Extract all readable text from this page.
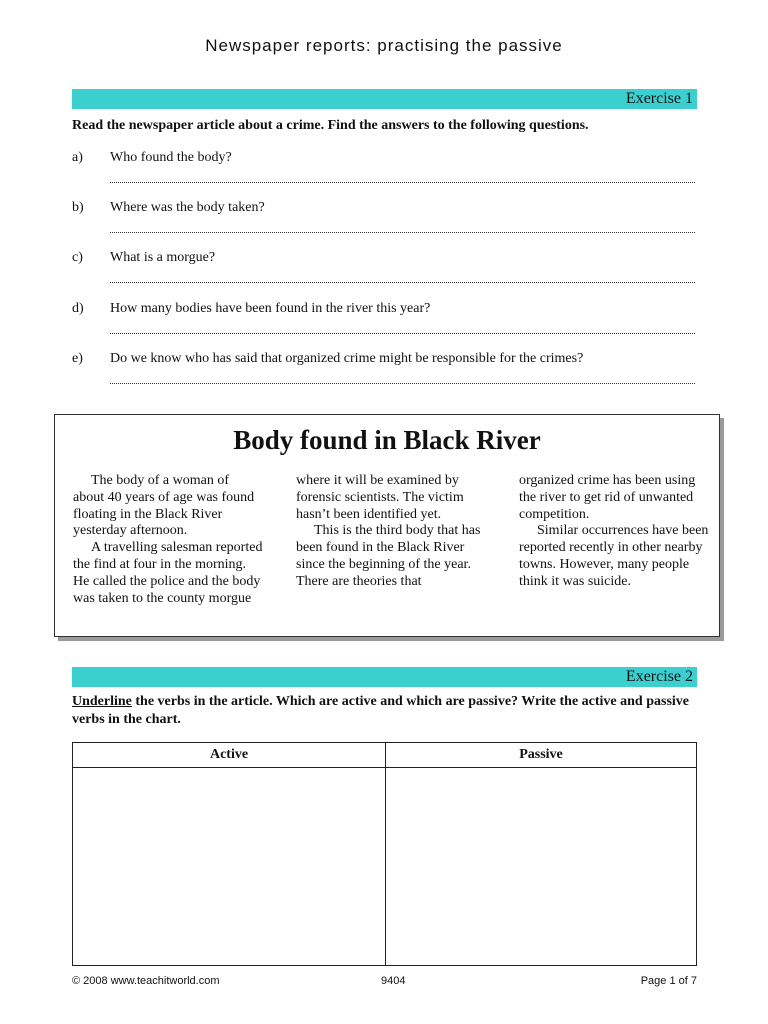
Newspaper reports: practising the passive
Exercise 1
Read the newspaper article about a crime. Find the answers to the following questions.
a) Who found the body?
b) Where was the body taken?
c) What is a morgue?
d) How many bodies have been found in the river this year?
e) Do we know who has said that organized crime might be responsible for the crimes?
Body found in Black River

The body of a woman of about 40 years of age was found floating in the Black River yesterday afternoon.

A travelling salesman reported the find at four in the morning. He called the police and the body was taken to the county morgue

where it will be examined by forensic scientists. The victim hasn’t been identified yet.

This is the third body that has been found in the Black River since the beginning of the year. There are theories that

organized crime has been using the river to get rid of unwanted competition.

Similar occurrences have been reported recently in other nearby towns. However, many people think it was suicide.

Exercise 2
Underline the verbs in the article. Which are active and which are passive? Write the active and passive verbs in the chart.
Active	Passive
© 2008 www.teachitworld.com	9404	Page 1 of 7
